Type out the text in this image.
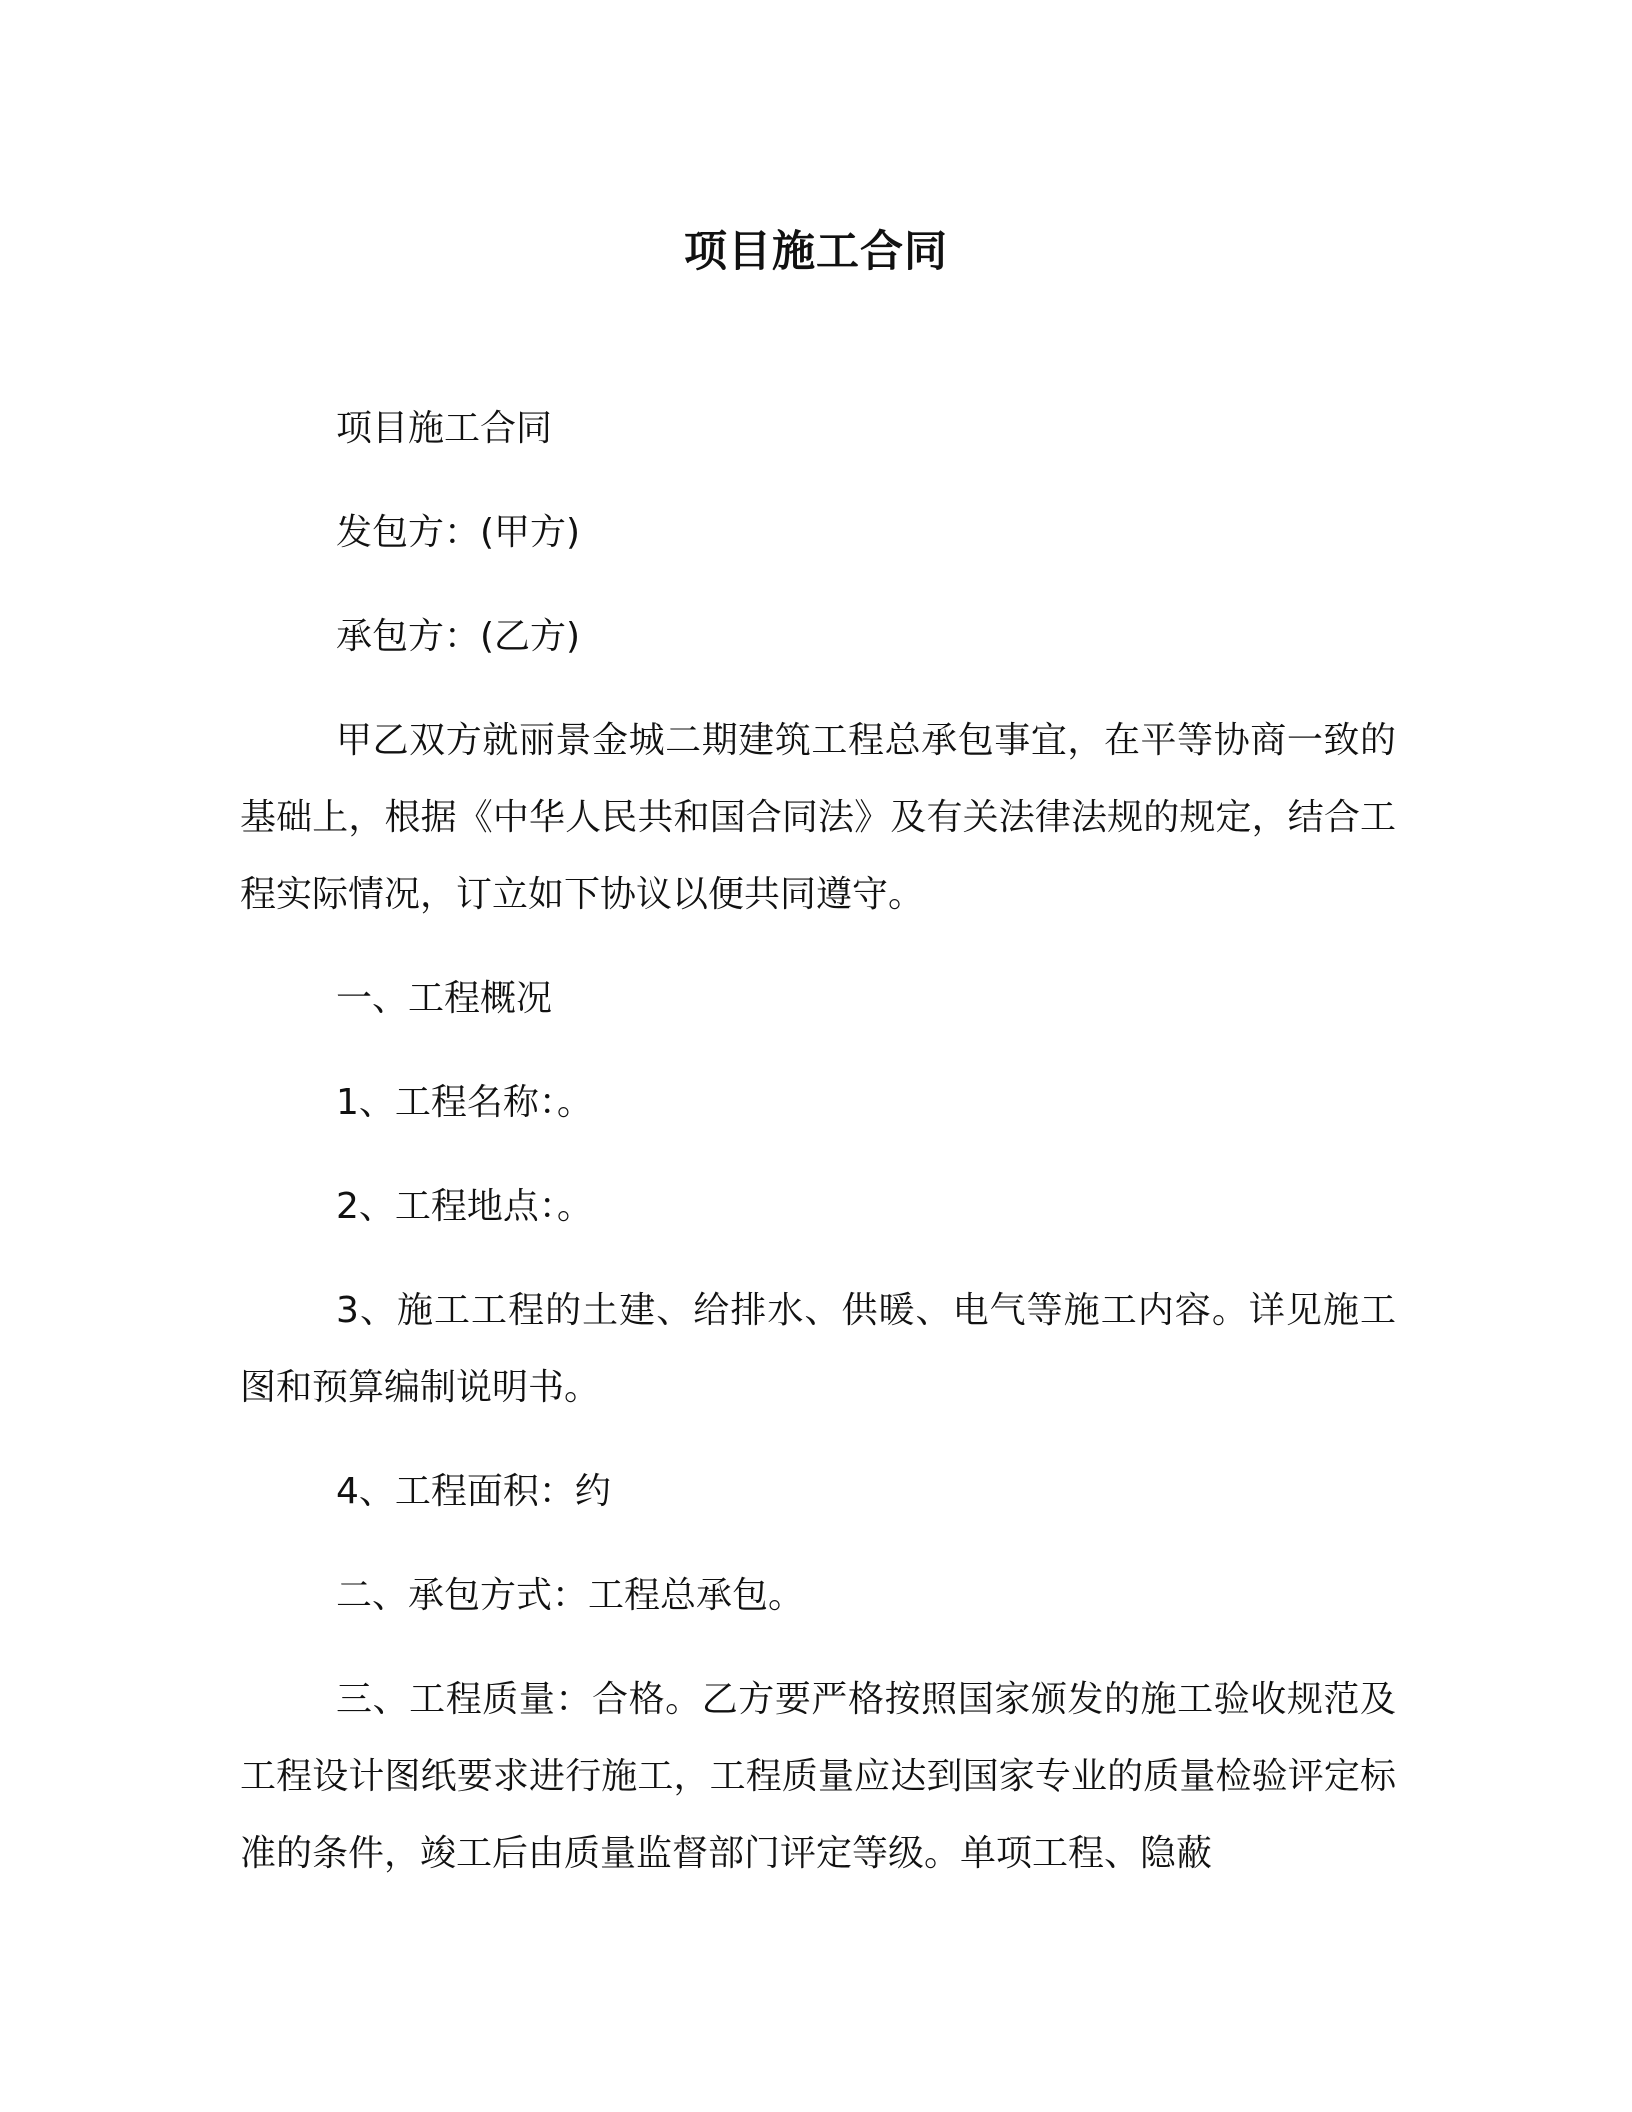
项目施工合同

项目施工合同

发包方：(甲方)

承包方：(乙方)

甲乙双方就丽景金城二期建筑工程总承包事宜，在平等协商一致的基础上，根据《中华人民共和国合同法》及有关法律法规的规定，结合工程实际情况，订立如下协议以便共同遵守。

一、工程概况

1、工程名称：。

2、工程地点：。

3、施工工程的土建、给排水、供暖、电气等施工内容。详见施工图和预算编制说明书。

4、工程面积：约

二、承包方式：工程总承包。

三、工程质量：合格。乙方要严格按照国家颁发的施工验收规范及工程设计图纸要求进行施工，工程质量应达到国家专业的质量检验评定标准的条件，竣工后由质量监督部门评定等级。单项工程、隐蔽
